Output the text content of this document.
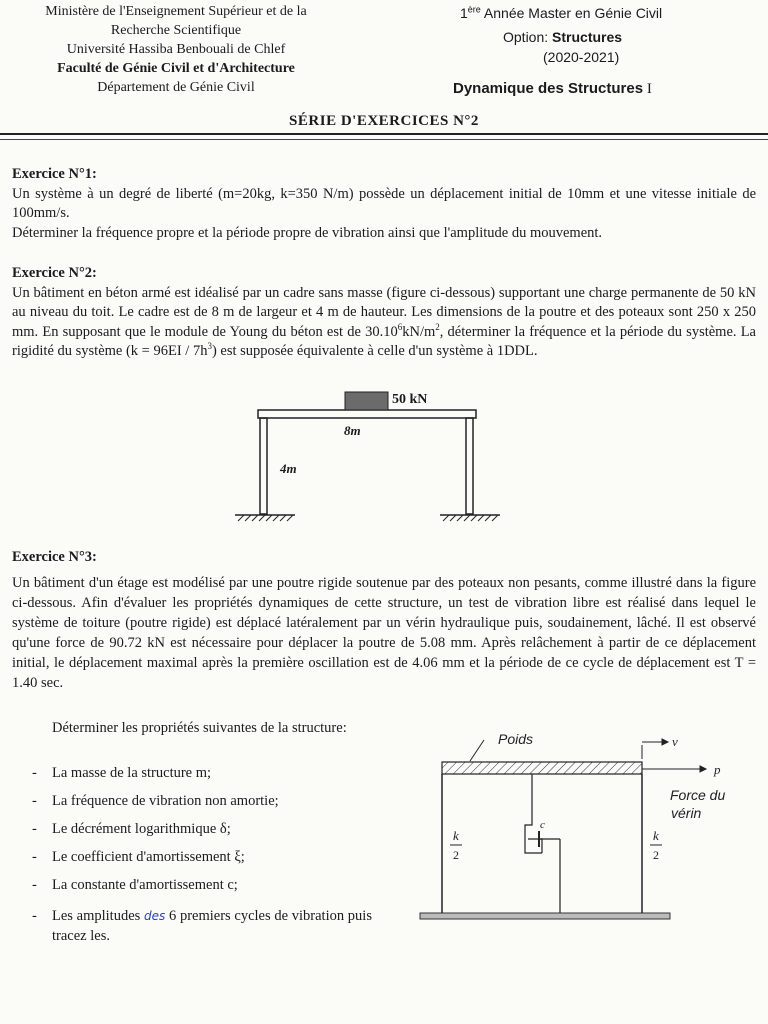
Ministère de l'Enseignement Supérieur et de la
Recherche Scientifique
Université Hassiba Benbouali de Chlef
Faculté de Génie Civil et d'Architecture
Département de Génie Civil
1ère Année Master en Génie Civil
Option: Structures
(2020-2021)
Dynamique des Structures I
SÉRIE D'EXERCICES N°2
Exercice N°1:
Un système à un degré de liberté (m=20kg, k=350 N/m) possède un déplacement initial de 10mm et une vitesse initiale de 100mm/s.
Déterminer la fréquence propre et la période propre de vibration ainsi que l'amplitude du mouvement.
Exercice N°2:
Un bâtiment en béton armé est idéalisé par un cadre sans masse (figure ci-dessous) supportant une charge permanente de 50 kN au niveau du toit. Le cadre est de 8 m de largeur et 4 m de hauteur. Les dimensions de la poutre et des poteaux sont 250 x 250 mm. En supposant que le module de Young du béton est de $30.10^6kN/m^2$, déterminer la fréquence et la période du système. La rigidité du système $(k = 96EI / 7h^3)$ est supposée équivalente à celle d'un système à 1DDL.
50 kN
8m
4m
Exercice N°3:
Un bâtiment d'un étage est modélisé par une poutre rigide soutenue par des poteaux non pesants, comme illustré dans la figure ci-dessous. Afin d'évaluer les propriétés dynamiques de cette structure, un test de vibration libre est réalisé dans lequel le système de toiture (poutre rigide) est déplacé latéralement par un vérin hydraulique puis, soudainement, lâché. Il est observé qu'une force de 90.72 kN est nécessaire pour déplacer la poutre de 5.08 mm. Après relâchement à partir de ce déplacement initial, le déplacement maximal après la première oscillation est de 4.06 mm et la période de ce cycle de déplacement est T = 1.40 sec.
Déterminer les propriétés suivantes de la structure:
- La masse de la structure m;
- La fréquence de vibration non amortie;
- Le décrément logarithmique δ;
- Le coefficient d'amortissement ξ;
- La constante d'amortissement c;
-	Les amplitudes des 6 premiers cycles de vibration puis tracez les.
c
k
2
k
2
Poids	v
p
Force du
vérin
